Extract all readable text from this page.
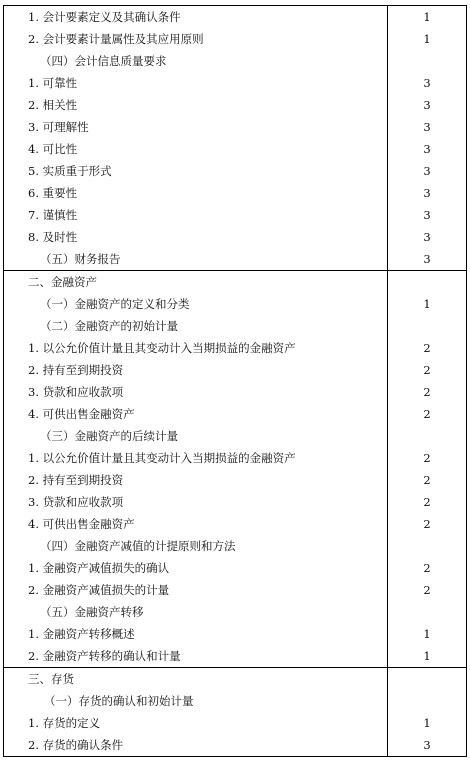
1. 会计要素定义及其确认条件	1
2. 会计要素计量属性及其应用原则	1
（四）会计信息质量要求	
1. 可靠性	3
2. 相关性	3
3. 可理解性	3
4. 可比性	3
5. 实质重于形式	3
6. 重要性	3
7. 谨慎性	3
8. 及时性	3
（五）财务报告	3
二、金融资产	
（一）金融资产的定义和分类	1
（二）金融资产的初始计量	
1. 以公允价值计量且其变动计入当期损益的金融资产	2
2. 持有至到期投资	2
3. 贷款和应收款项	2
4. 可供出售金融资产	2
（三）金融资产的后续计量	
1. 以公允价值计量且其变动计入当期损益的金融资产	2
2. 持有至到期投资	2
3. 贷款和应收款项	2
4. 可供出售金融资产	2
（四）金融资产减值的计提原则和方法	
1. 金融资产减值损失的确认	2
2. 金融资产减值损失的计量	2
（五）金融资产转移	
1. 金融资产转移概述	1
2. 金融资产转移的确认和计量	1
三、存货	
（一）存货的确认和初始计量	
1. 存货的定义	1
2. 存货的确认条件	3
